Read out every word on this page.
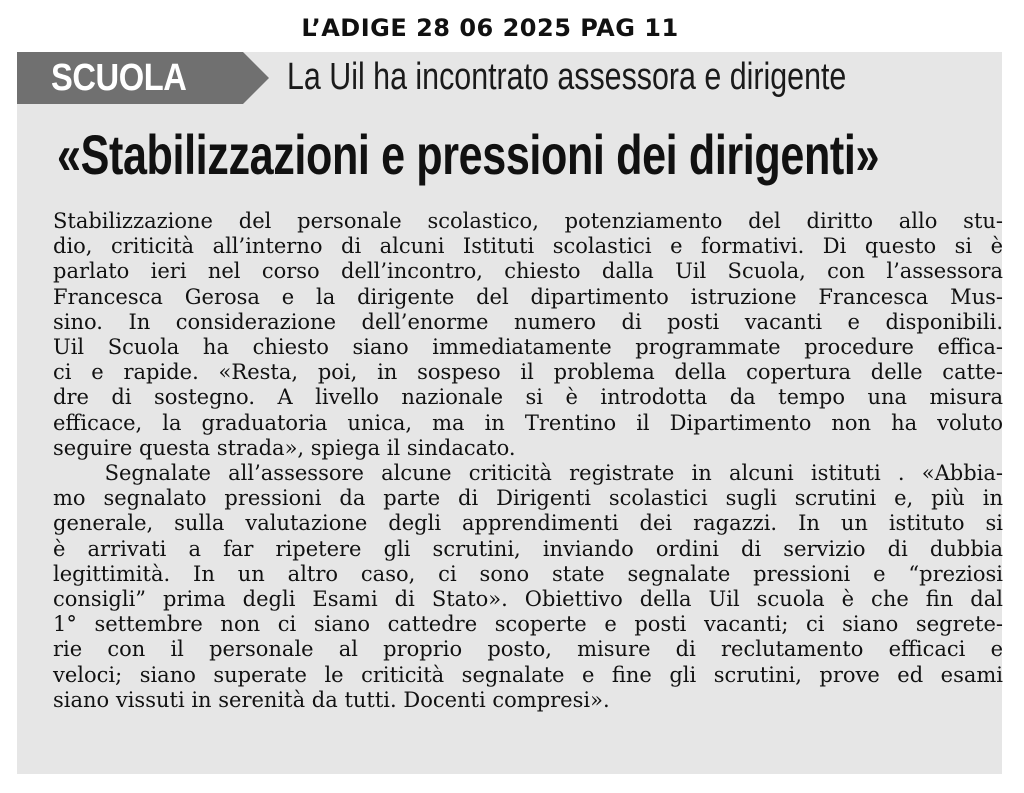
L’ADIGE 28 06 2025 PAG 11
SCUOLA	La Uil ha incontrato assessora e dirigente
«Stabilizzazioni e pressioni dei dirigenti»
Stabilizzazione del personale scolastico, potenziamento del diritto allo stu-
dio, criticità all’interno di alcuni Istituti scolastici e formativi. Di questo si è
parlato ieri nel corso dell’incontro, chiesto dalla Uil Scuola, con l’assessora
Francesca Gerosa e la dirigente del dipartimento istruzione Francesca Mus-
sino. In considerazione dell’enorme numero di posti vacanti e disponibili.
Uil Scuola ha chiesto siano immediatamente programmate procedure effica-
ci e rapide. «Resta, poi, in sospeso il problema della copertura delle catte-
dre di sostegno. A livello nazionale si è introdotta da tempo una misura
efficace, la graduatoria unica, ma in Trentino il Dipartimento non ha voluto
seguire questa strada», spiega il sindacato.
Segnalate all’assessore alcune criticità registrate in alcuni istituti . «Abbia-
mo segnalato pressioni da parte di Dirigenti scolastici sugli scrutini e, più in
generale, sulla valutazione degli apprendimenti dei ragazzi. In un istituto si
è arrivati a far ripetere gli scrutini, inviando ordini di servizio di dubbia
legittimità. In un altro caso, ci sono state segnalate pressioni e “preziosi
consigli” prima degli Esami di Stato». Obiettivo della Uil scuola è che fin dal
1° settembre non ci siano cattedre scoperte e posti vacanti; ci siano segrete-
rie con il personale al proprio posto, misure di reclutamento efficaci e
veloci; siano superate le criticità segnalate e fine gli scrutini, prove ed esami
siano vissuti in serenità da tutti. Docenti compresi».
